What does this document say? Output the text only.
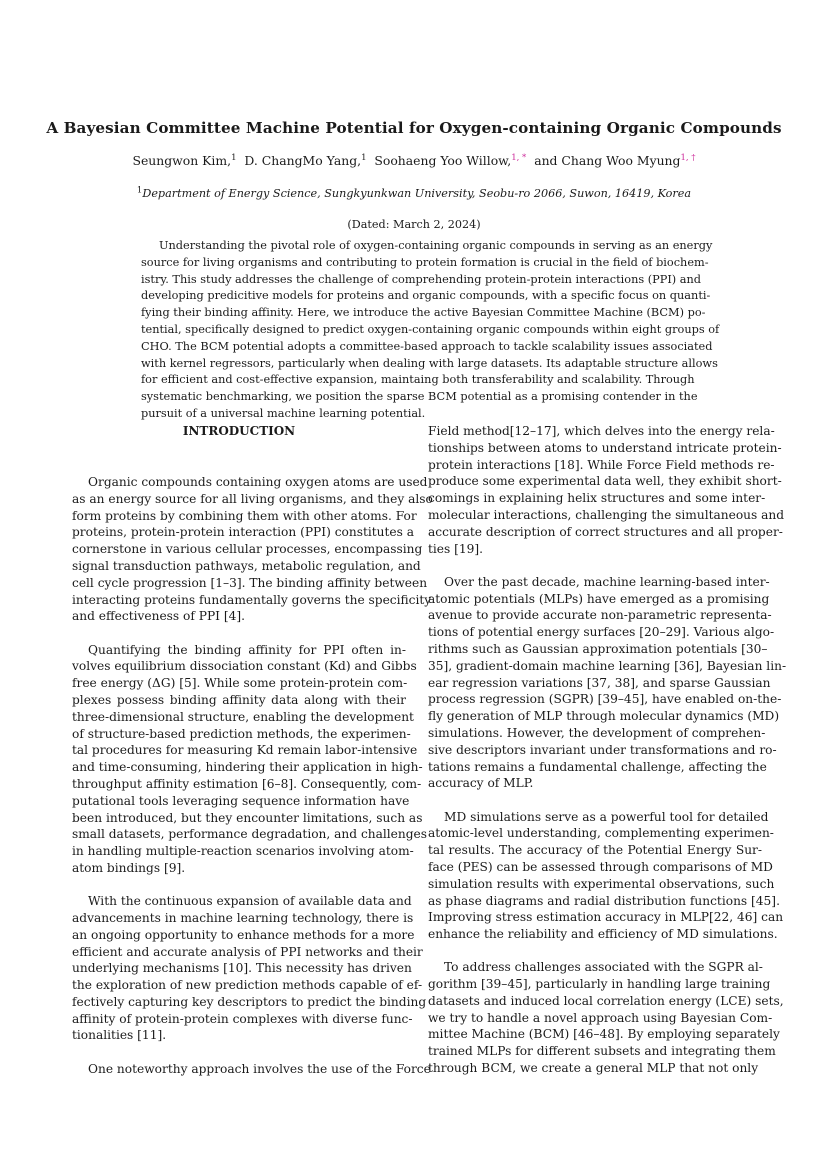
A Bayesian Committee Machine Potential for Oxygen-containing Organic Compounds
Seungwon Kim,$^1$ D. ChangMo Yang,$^1$ Soohaeng Yoo Willow,$^{1, *}$ and Chang Woo Myung$^{1, \dagger}$
$^1$Department of Energy Science, Sungkyunkwan University, Seobu-ro 2066, Suwon, 16419, Korea
(Dated: March 2, 2024)
Understanding the pivotal role of oxygen-containing organic compounds in serving as an energy
source for living organisms and contributing to protein formation is crucial in the field of biochem-
istry. This study addresses the challenge of comprehending protein-protein interactions (PPI) and
developing predicitive models for proteins and organic compounds, with a specific focus on quanti-
fying their binding affinity. Here, we introduce the active Bayesian Committee Machine (BCM) po-
tential, specifically designed to predict oxygen-containing organic compounds within eight groups of
CHO. The BCM potential adopts a committee-based approach to tackle scalability issues associated
with kernel regressors, particularly when dealing with large datasets. Its adaptable structure allows
for efficient and cost-effective expansion, maintaing both transferability and scalability. Through
systematic benchmarking, we position the sparse BCM potential as a promising contender in the
pursuit of a universal machine learning potential.
INTRODUCTION
Organic compounds containing oxygen atoms are used
as an energy source for all living organisms, and they also
form proteins by combining them with other atoms. For
proteins, protein-protein interaction (PPI) constitutes a
cornerstone in various cellular processes, encompassing
signal transduction pathways, metabolic regulation, and
cell cycle progression [1–3]. The binding affinity between
interacting proteins fundamentally governs the specificity
and effectiveness of PPI [4].
Quantifying the binding affinity for PPI often in-
volves equilibrium dissociation constant (Kd) and Gibbs
free energy (ΔG) [5]. While some protein-protein com-
plexes possess binding affinity data along with their
three-dimensional structure, enabling the development
of structure-based prediction methods, the experimen-
tal procedures for measuring Kd remain labor-intensive
and time-consuming, hindering their application in high-
throughput affinity estimation [6–8]. Consequently, com-
putational tools leveraging sequence information have
been introduced, but they encounter limitations, such as
small datasets, performance degradation, and challenges
in handling multiple-reaction scenarios involving atom-
atom bindings [9].
With the continuous expansion of available data and
advancements in machine learning technology, there is
an ongoing opportunity to enhance methods for a more
efficient and accurate analysis of PPI networks and their
underlying mechanisms [10]. This necessity has driven
the exploration of new prediction methods capable of ef-
fectively capturing key descriptors to predict the binding
affinity of protein-protein complexes with diverse func-
tionalities [11].
One noteworthy approach involves the use of the Force
Field method[12–17], which delves into the energy rela-
tionships between atoms to understand intricate protein-
protein interactions [18]. While Force Field methods re-
produce some experimental data well, they exhibit short-
comings in explaining helix structures and some inter-
molecular interactions, challenging the simultaneous and
accurate description of correct structures and all proper-
ties [19].
Over the past decade, machine learning-based inter-
atomic potentials (MLPs) have emerged as a promising
avenue to provide accurate non-parametric representa-
tions of potential energy surfaces [20–29]. Various algo-
rithms such as Gaussian approximation potentials [30–
35], gradient-domain machine learning [36], Bayesian lin-
ear regression variations [37, 38], and sparse Gaussian
process regression (SGPR) [39–45], have enabled on-the-
fly generation of MLP through molecular dynamics (MD)
simulations. However, the development of comprehen-
sive descriptors invariant under transformations and ro-
tations remains a fundamental challenge, affecting the
accuracy of MLP.
MD simulations serve as a powerful tool for detailed
atomic-level understanding, complementing experimen-
tal results. The accuracy of the Potential Energy Sur-
face (PES) can be assessed through comparisons of MD
simulation results with experimental observations, such
as phase diagrams and radial distribution functions [45].
Improving stress estimation accuracy in MLP[22, 46] can
enhance the reliability and efficiency of MD simulations.
To address challenges associated with the SGPR al-
gorithm [39–45], particularly in handling large training
datasets and induced local correlation energy (LCE) sets,
we try to handle a novel approach using Bayesian Com-
mittee Machine (BCM) [46–48]. By employing separately
trained MLPs for different subsets and integrating them
through BCM, we create a general MLP that not only
